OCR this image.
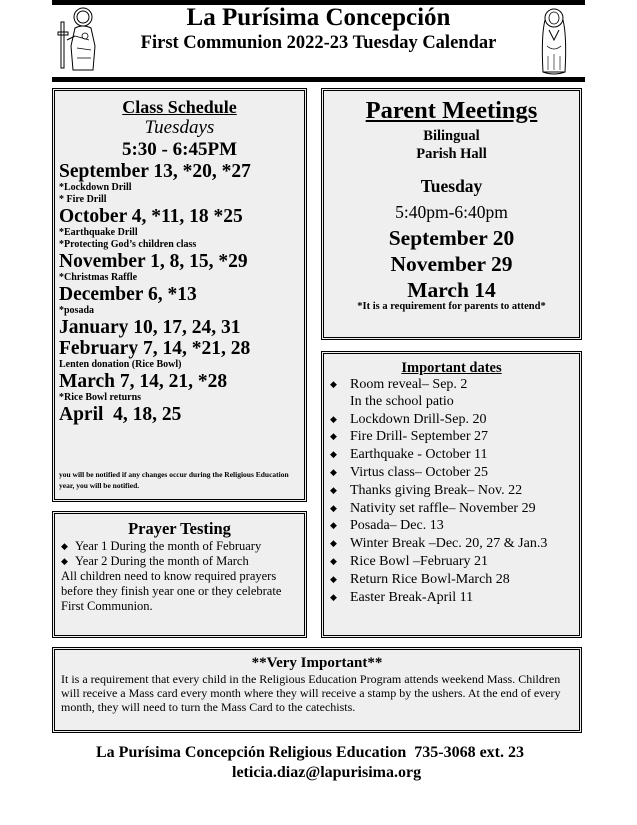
La Purísima Concepción
First Communion 2022-23 Tuesday Calendar
Class Schedule
Tuesdays
5:30 - 6:45PM
September 13, *20, *27
*Lockdown Drill
* Fire Drill
October 4, *11, 18 *25
*Earthquake Drill
*Protecting God’s children class
November 1, 8, 15, *29
*Christmas Raffle
December 6, *13
*posada
January 10, 17, 24, 31
February 7, 14, *21, 28
Lenten donation (Rice Bowl)
March 7, 14, 21, *28
*Rice Bowl returns
April  4, 18, 25
you will be notified if any changes occur during the Religious Education year, you will be notified.
Prayer Testing
◆ Year 1 During the month of February
◆ Year 2 During the month of March
All children need to know required prayers before they finish year one or they celebrate First Communion.
Parent Meetings
Bilingual
Parish Hall
Tuesday
5:40pm-6:40pm
September 20
November 29
March 14
*It is a requirement for parents to attend*
Important dates
◆ Room reveal– Sep. 2
In the school patio
◆ Lockdown Drill-Sep. 20
◆ Fire Drill- September 27
◆ Earthquake - October 11
◆ Virtus class– October 25
◆ Thanks giving Break– Nov. 22
◆ Nativity set raffle– November 29
◆ Posada– Dec. 13
◆ Winter Break –Dec. 20, 27 & Jan.3
◆ Rice Bowl –February 21
◆ Return Rice Bowl-March 28
◆ Easter Break-April 11
**Very Important**
It is a requirement that every child in the Religious Education Program attends weekend Mass. Children will receive a Mass card every month where they will receive a stamp by the ushers. At the end of every month, they will need to turn the Mass Card to the catechists.
La Purísima Concepción Religious Education  735-3068 ext. 23
leticia.diaz@lapurisima.org
